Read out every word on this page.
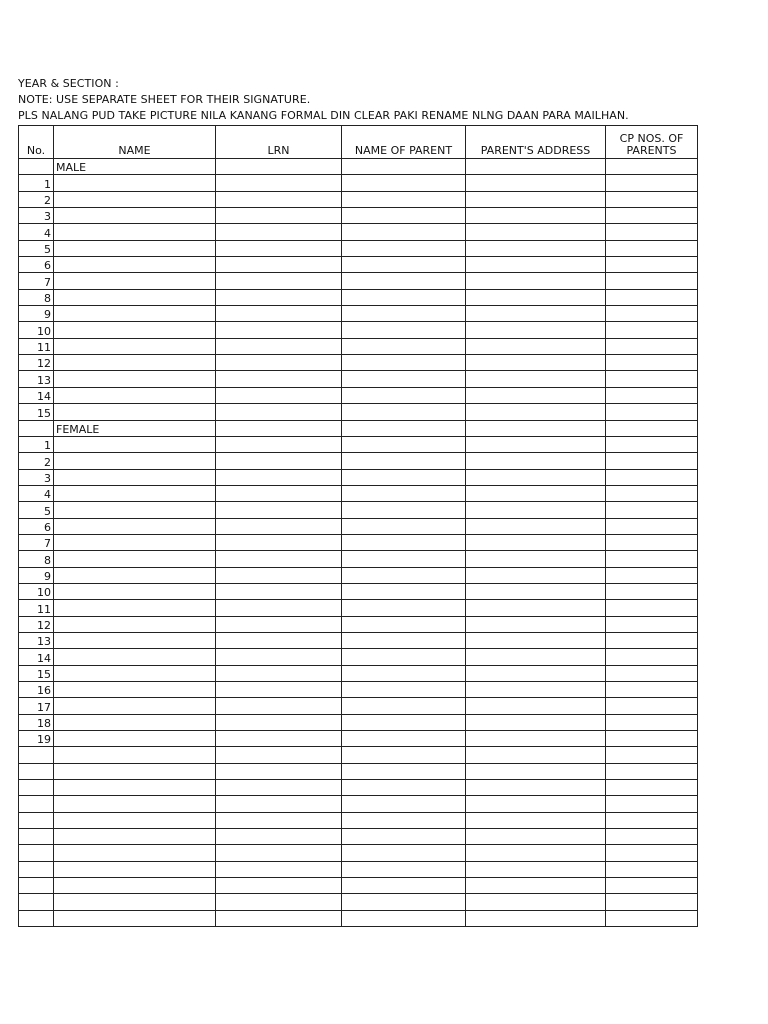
YEAR & SECTION :
NOTE: USE SEPARATE SHEET FOR THEIR SIGNATURE.
PLS NALANG PUD TAKE PICTURE NILA KANANG FORMAL DIN CLEAR PAKI RENAME NLNG DAAN PARA MAILHAN.
No.	NAME	LRN	NAME OF PARENT	PARENT'S ADDRESS	CP NOS. OF PARENTS
	MALE				
1					
2					
3					
4					
5					
6					
7					
8					
9					
10					
11					
12					
13					
14					
15					
	FEMALE				
1					
2					
3					
4					
5					
6					
7					
8					
9					
10					
11					
12					
13					
14					
15					
16					
17					
18					
19					
